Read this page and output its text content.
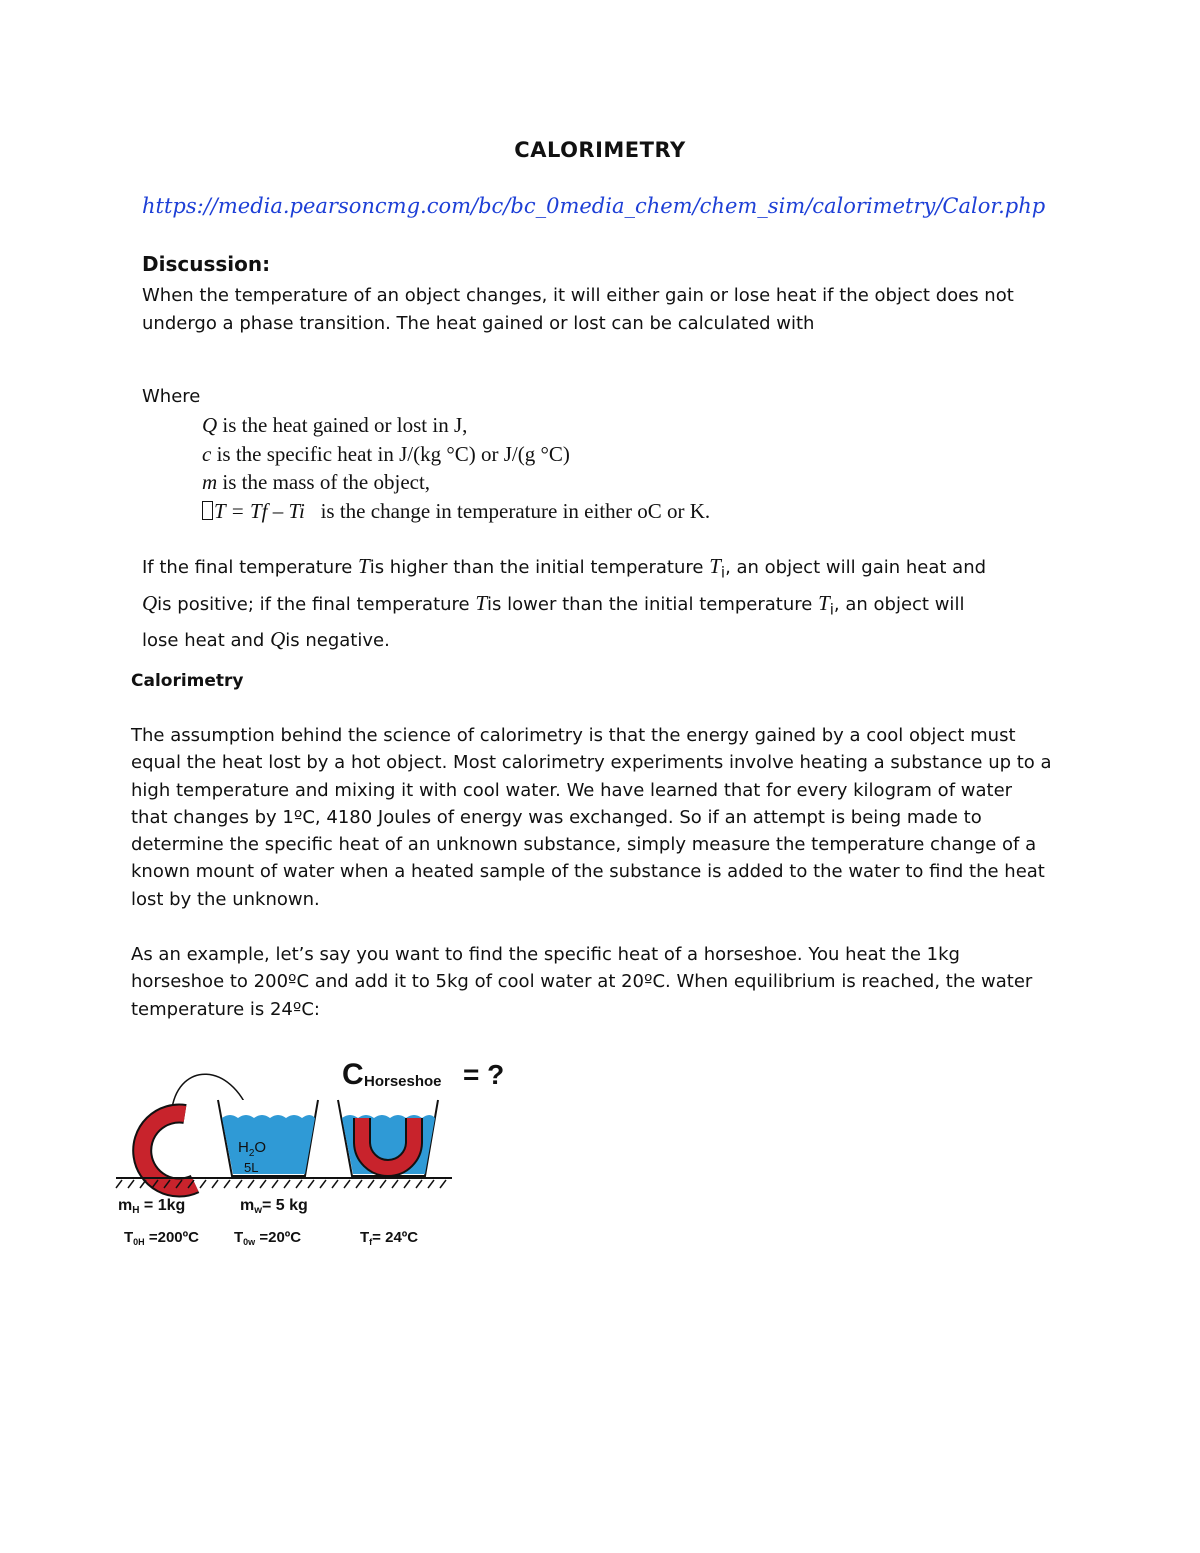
CALORIMETRY
https://media.pearsoncmg.com/bc/bc_0media_chem/chem_sim/calorimetry/Calor.php
Discussion:

When the temperature of an object changes, it will either gain or lose heat if the object does not
undergo a phase transition. The heat gained or lost can be calculated with

Where
Q is the heat gained or lost in J,
c is the specific heat in J/(kg °C) or J/(g °C)
m is the mass of the object,
T = Tf – Ti is the change in temperature in either oC or K.

If the final temperature Tis higher than the initial temperature $T_i$, an object will gain heat and
Qis positive; if the final temperature Tis lower than the initial temperature $T_i$, an object will
lose heat and Qis negative.

Calorimetry

The assumption behind the science of calorimetry is that the energy gained by a cool object must
equal the heat lost by a hot object. Most calorimetry experiments involve heating a substance up to a
high temperature and mixing it with cool water. We have learned that for every kilogram of water
that changes by 1ºC, 4180 Joules of energy was exchanged. So if an attempt is being made to
determine the specific heat of an unknown substance, simply measure the temperature change of a
known mount of water when a heated sample of the substance is added to the water to find the heat
lost by the unknown.

As an example, let’s say you want to find the specific heat of a horseshoe. You heat the 1kg
horseshoe to 200ºC and add it to 5kg of cool water at 20ºC. When equilibrium is reached, the water
temperature is 24ºC:

C Horseshoe = ?
$H_2O$
5L
mH = 1kg	mw= 5 kg
$T_{0H}$ =200ºC $T_{0w}$ =20ºC	$T_f=$ 24ºC
